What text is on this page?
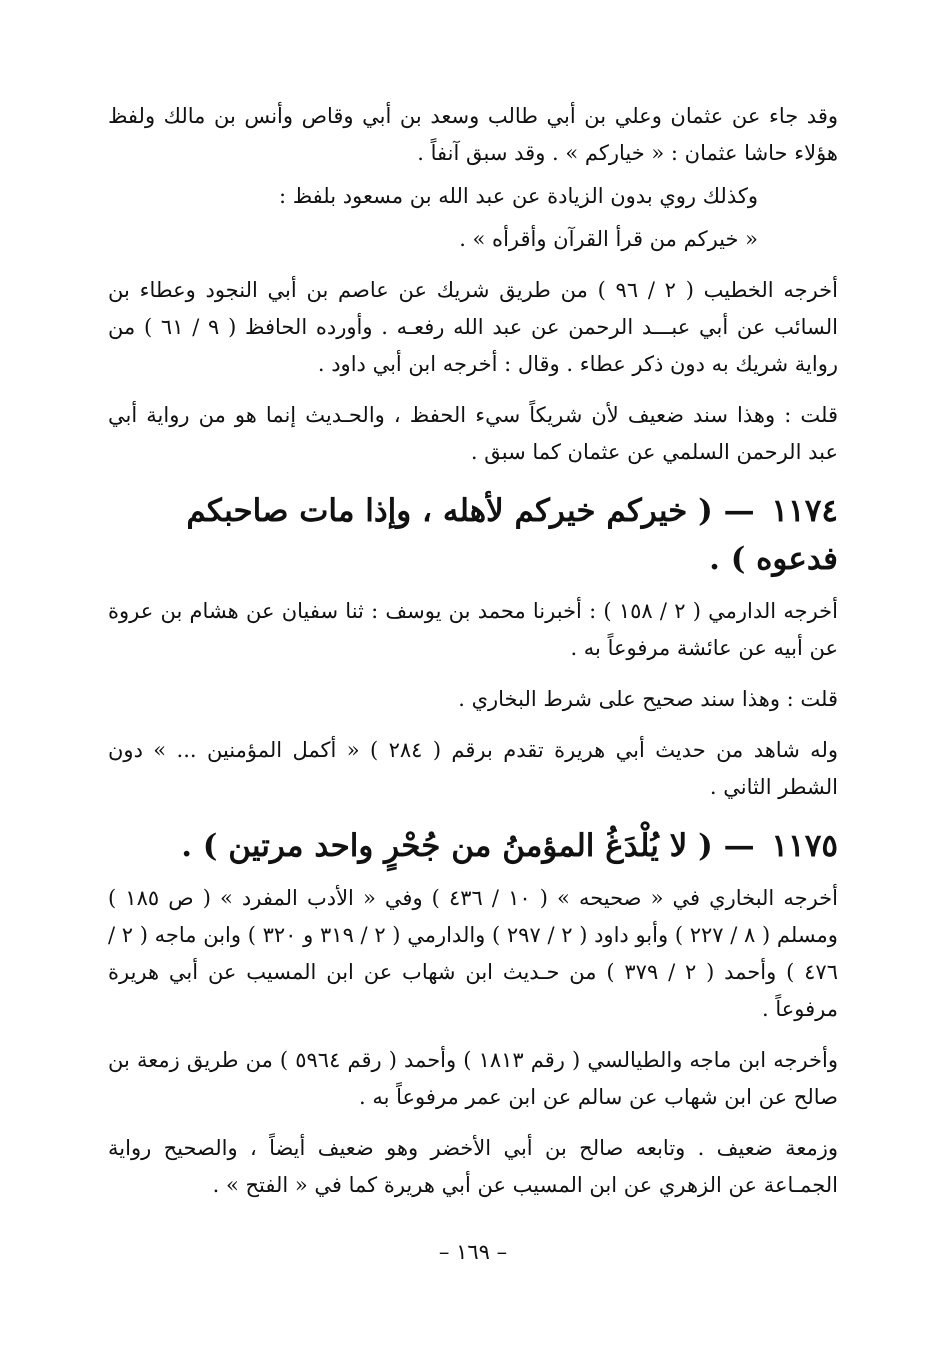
وقد جاء عن عثمان وعلي بن أبي طالب وسعد بن أبي وقاص وأنس بن مالك ولفظ هؤلاء حاشا عثمان : « خياركم » . وقد سبق آنفاً .

وكذلك روي بدون الزيادة عن عبد الله بن مسعود بلفظ :

« خيركم من قرأ القرآن وأقرأه » .

أخرجه الخطيب ( ٢ / ٩٦ ) من طريق شريك عن عاصم بن أبي النجود وعطاء بن السائب عن أبي عبـــد الرحمن عن عبد الله رفعـه . وأورده الحافظ ( ٩ / ٦١ ) من رواية شريك به دون ذكر عطاء . وقال : أخرجه ابن أبي داود .

قلت : وهذا سند ضعيف لأن شريكاً سيء الحفظ ، والحـديث إنما هو من رواية أبي عبد الرحمن السلمي عن عثمان كما سبق .

١١٧٤ — ( خيركم خيركم لأهله ، وإذا مات صاحبكم فدعوه ) .

أخرجه الدارمي ( ٢ / ١٥٨ ) : أخبرنا محمد بن يوسف : ثنا سفيان عن هشام بن عروة عن أبيه عن عائشة مرفوعاً به .

قلت : وهذا سند صحيح على شرط البخاري .

وله شاهد من حديث أبي هريرة تقدم برقم ( ٢٨٤ ) « أكمل المؤمنين ... » دون الشطر الثاني .

١١٧٥ — ( لا يُلْدَغُ المؤمنُ من جُحْرٍ واحد مرتين ) .

أخرجه البخاري في « صحيحه » ( ١٠ / ٤٣٦ ) وفي « الأدب المفرد » ( ص ١٨٥ ) ومسلم ( ٨ / ٢٢٧ ) وأبو داود ( ٢ / ٢٩٧ ) والدارمي ( ٢ / ٣١٩ و ٣٢٠ ) وابن ماجه ( ٢ / ٤٧٦ ) وأحمد ( ٢ / ٣٧٩ ) من حـديث ابن شهاب عن ابن المسيب عن أبي هريرة مرفوعاً .

وأخرجه ابن ماجه والطيالسي ( رقم ١٨١٣ ) وأحمد ( رقم ٥٩٦٤ ) من طريق زمعة بن صالح عن ابن شهاب عن سالم عن ابن عمر مرفوعاً به .

وزمعة ضعيف . وتابعه صالح بن أبي الأخضر وهو ضعيف أيضاً ، والصحيح رواية الجمـاعة عن الزهري عن ابن المسيب عن أبي هريرة كما في « الفتح » .

– ١٦٩ –
